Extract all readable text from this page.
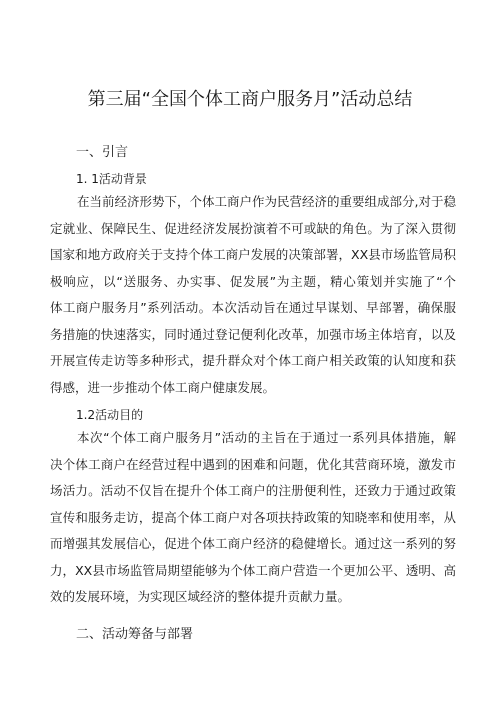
第三届“全国个体工商户服务月”活动总结
一、引言
1. 1活动背景
在当前经济形势下，个体工商户作为民营经济的重要组成部分,对于稳
定就业、保障民生、促进经济发展扮演着不可或缺的角色。为了深入贯彻
国家和地方政府关于支持个体工商户发展的决策部署，XX县市场监管局积
极响应，以“送服务、办实事、促发展”为主题，精心策划并实施了“个
体工商户服务月”系列活动。本次活动旨在通过早谋划、早部署，确保服
务措施的快速落实，同时通过登记便利化改革，加强市场主体培育，以及
开展宣传走访等多种形式，提升群众对个体工商户相关政策的认知度和获
得感，进一步推动个体工商户健康发展。
1.2活动目的
本次“个体工商户服务月”活动的主旨在于通过一系列具体措施，解
决个体工商户在经营过程中遇到的困难和问题，优化其营商环境，激发市
场活力。活动不仅旨在提升个体工商户的注册便利性，还致力于通过政策
宣传和服务走访，提高个体工商户对各项扶持政策的知晓率和使用率，从
而增强其发展信心，促进个体工商户经济的稳健增长。通过这一系列的努
力，XX县市场监管局期望能够为个体工商户营造一个更加公平、透明、高
效的发展环境，为实现区域经济的整体提升贡献力量。
二、活动筹备与部署
